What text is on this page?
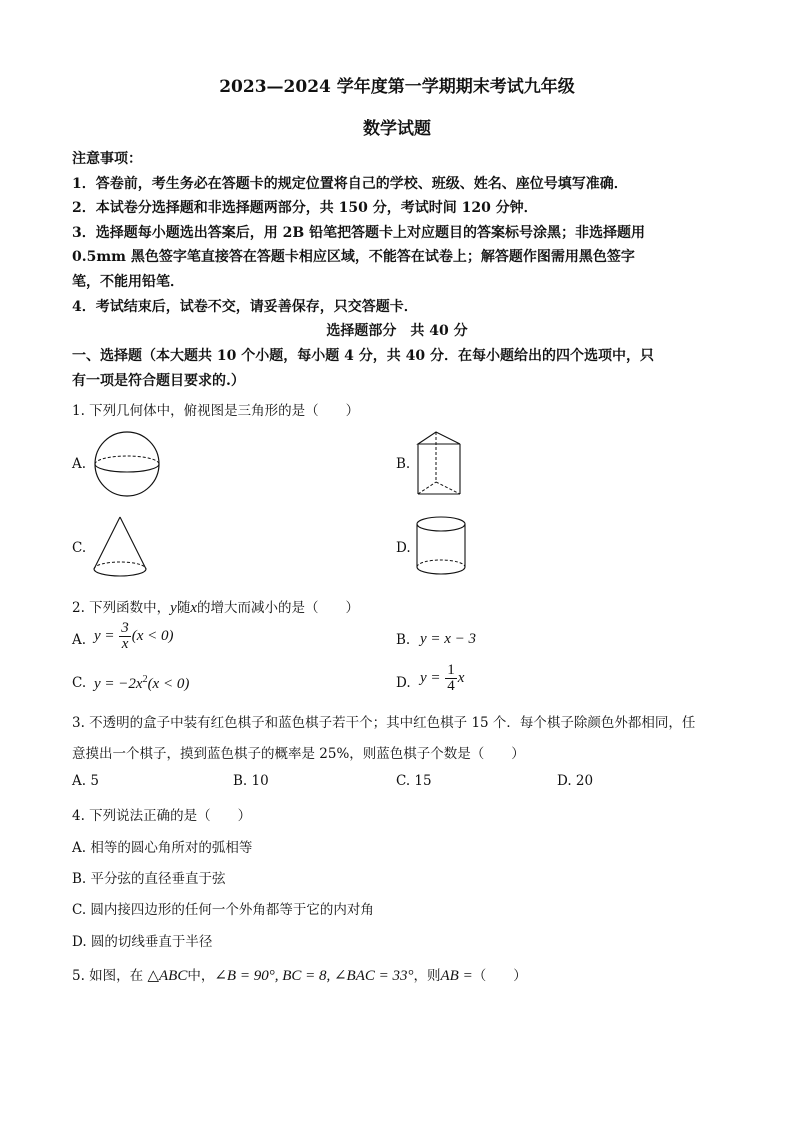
2023—2024 学年度第一学期期末考试九年级
数学试题
注意事项：
1．答卷前，考生务必在答题卡的规定位置将自己的学校、班级、姓名、座位号填写准确．
2．本试卷分选择题和非选择题两部分，共 150 分，考试时间 120 分钟．
3．选择题每小题选出答案后，用 2B 铅笔把答题卡上对应题目的答案标号涂黑；非选择题用
0.5mm 黑色签字笔直接答在答题卡相应区域，不能答在试卷上；解答题作图需用黑色签字
笔，不能用铅笔．
4．考试结束后，试卷不交，请妥善保存，只交答题卡．
选择题部分　共 40 分
一、选择题（本大题共 10 个小题，每小题 4 分，共 40 分．在每小题给出的四个选项中，只
有一项是符合题目要求的.）
1. 下列几何体中，俯视图是三角形的是（　　）
A.	B.
C.	D.
2. 下列函数中，y随x的增大而减小的是（　　）
A. $y = \frac{3}{x} (x < 0)$	B. y = x − 3
C. $y = -2x^2(x < 0)$	D. $y = \frac{1}{4}$ x
3. 不透明的盒子中装有红色棋子和蓝色棋子若干个；其中红色棋子 15 个．每个棋子除颜色外都相同，任
意摸出一个棋子，摸到蓝色棋子的概率是 25%，则蓝色棋子个数是（　　）
A. 5	B. 10	C. 15	D. 20
4. 下列说法正确的是（　　）
A. 相等的圆心角所对的弧相等
B. 平分弦的直径垂直于弦
C. 圆内接四边形的任何一个外角都等于它的内对角
D. 圆的切线垂直于半径
5. 如图，在 △ABC中，∠B = 90°, BC = 8, ∠BAC = 33°，则AB =（　　）
